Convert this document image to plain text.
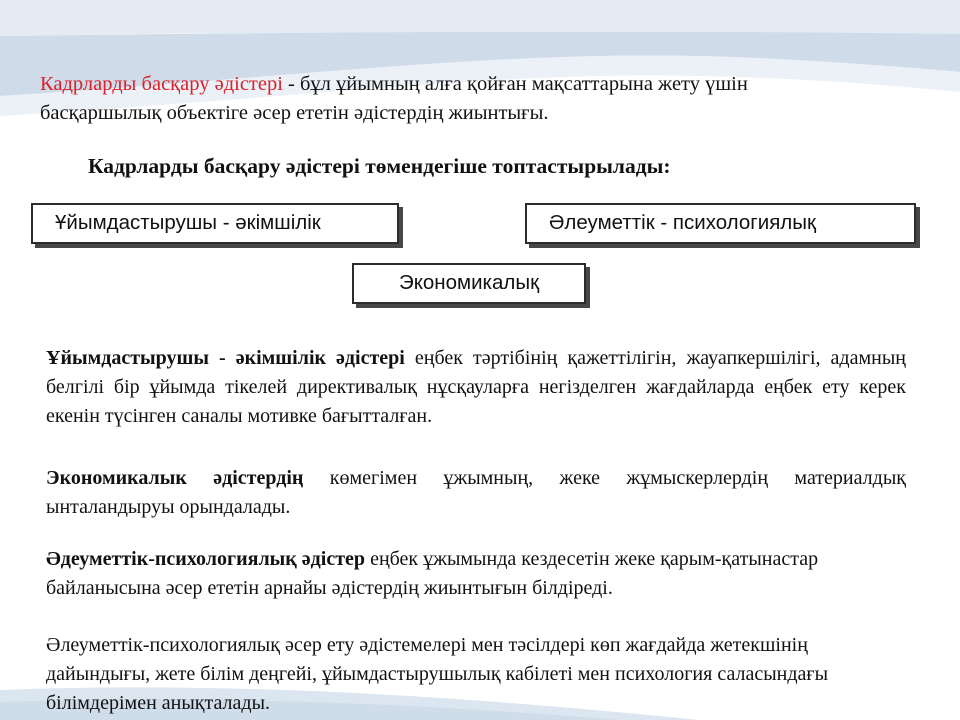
Кадрларды басқару әдістері - бұл ұйымның алға қойған мақсаттарына жету үшін басқаршылық объектіге әсер ететін әдістердің жиынтығы.

Кадрларды басқару әдістері төмендегіше топтастырылады:

Ұйымдастырушы - әкімшілік	Әлеуметтік - психологиялық
Экономикалық

Ұйымдастырушы - әкімшілік әдістері еңбек тәртібінің қажеттілігін, жауапкершілігі, адамның белгілі бір ұйымда тікелей директивалық нұсқауларға негізделген жағдайларда еңбек ету керек екенін түсінген саналы мотивке бағытталған.

Экономикалык әдістердің көмегімен ұжымның, жеке жұмыскерлердің материалдық ынталандыруы орындалады.

Әдеуметтік-психологиялық әдістер еңбек ұжымында кездесетін жеке қарым-қатынастар байланысына әсер ететін арнайы әдістердің жиынтығын білдіреді.

Әлеуметтік-психологиялық әсер ету әдістемелері мен тәсілдері көп жағдайда жетекшінің дайындығы, жете білім деңгейі, ұйымдастырушылық кабілеті мен психология саласындағы білімдерімен анықталады.
